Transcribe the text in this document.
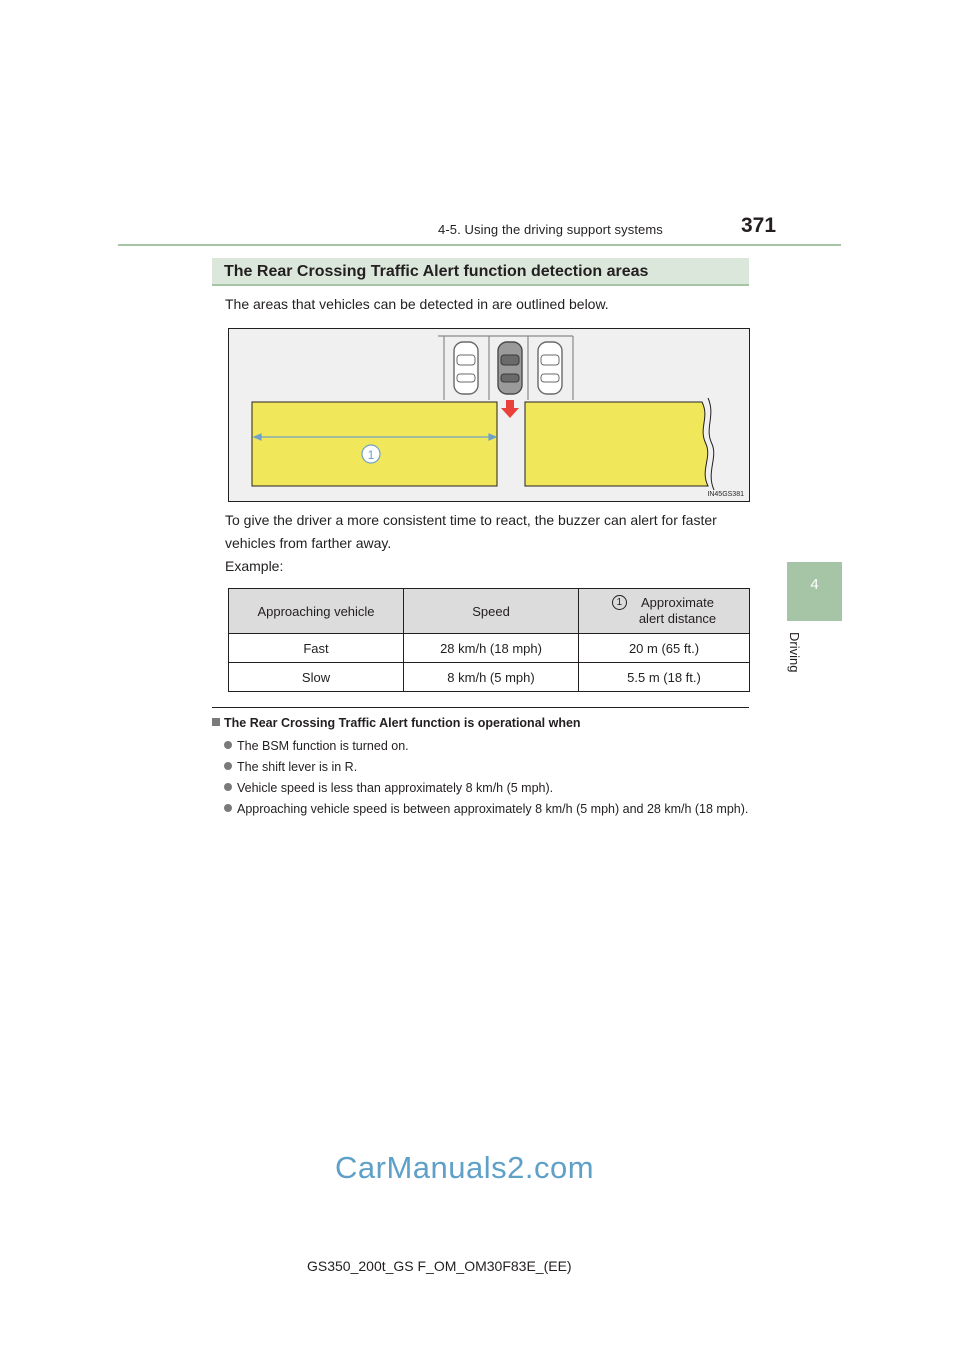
4-5. Using the driving support systems	371
4
Driving
The Rear Crossing Traffic Alert function detection areas
The areas that vehicles can be detected in are outlined below.
1
IN45GS381
To give the driver a more consistent time to react, the buzzer can alert for faster vehicles from farther away.
Example:
Approaching vehicle	Speed	1 Approximate
alert distance
Fast	28 km/h (18 mph)	20 m (65 ft.)
Slow	8 km/h (5 mph)	5.5 m (18 ft.)
The Rear Crossing Traffic Alert function is operational when
The BSM function is turned on.
The shift lever is in R.
Vehicle speed is less than approximately 8 km/h (5 mph).
Approaching vehicle speed is between approximately 8 km/h (5 mph) and 28 km/h (18 mph).
CarManuals2.com
GS350_200t_GS F_OM_OM30F83E_(EE)
